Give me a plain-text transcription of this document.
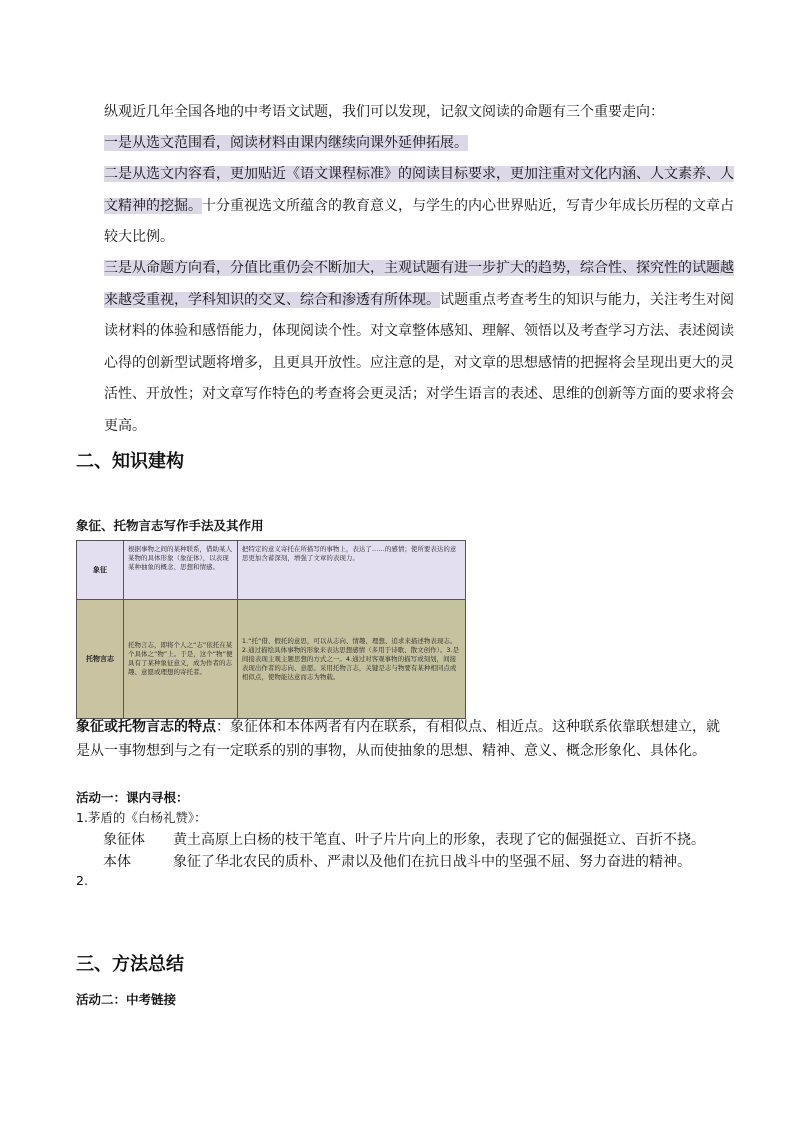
纵观近几年全国各地的中考语文试题，我们可以发现，记叙文阅读的命题有三个重要走向：

一是从选文范围看，阅读材料由课内继续向课外延伸拓展。

二是从选文内容看，更加贴近《语文课程标准》的阅读目标要求，更加注重对文化内涵、人文素养、人文精神的挖掘。十分重视选文所蕴含的教育意义，与学生的内心世界贴近，写青少年成长历程的文章占较大比例。

三是从命题方向看，分值比重仍会不断加大，主观试题有进一步扩大的趋势，综合性、探究性的试题越来越受重视，学科知识的交叉、综合和渗透有所体现。试题重点考查考生的知识与能力，关注考生对阅读材料的体验和感悟能力，体现阅读个性。对文章整体感知、理解、领悟以及考查学习方法、表述阅读心得的创新型试题将增多，且更具开放性。应注意的是，对文章的思想感情的把握将会呈现出更大的灵活性、开放性；对文章写作特色的考查将会更灵活；对学生语言的表述、思维的创新等方面的要求将会更高。

二、知识建构

象征、托物言志写作手法及其作用

象征	根据事物之间的某种联系，借助某人某物的具体形象（象征体），以表现某种抽象的概念、思想和情感。	把特定的意义寄托在所描写的事物上，表达了……的感情；使所要表达的意思更加含蓄深刻，增强了文章的表现力。
托物言志	托物言志，即将个人之“志”依托在某个具体之“物”上。于是，这个“物”便具有了某种象征意义，成为作者的志趣、意愿或理想的寄托者。	1.“托”借、假托的意思，可以从志向、情趣、理想、追求来描述物表现志。2.通过描绘具体事物的形象来表达思想感情（多用于诗歌、散文创作）。3.是间接表现主观主题思想的方式之一。4.通过对客观事物的描写或刻划，间接表现出作者的志向、意愿。采用托物言志，关键是志与物要有某种相同点或相似点，使物能达意而志为物载。

象征或托物言志的特点：象征体和本体两者有内在联系，有相似点、相近点。这种联系依靠联想建立，就是从一事物想到与之有一定联系的别的事物，从而使抽象的思想、精神、意义、概念形象化、具体化。

活动一：课内寻根：

1.茅盾的《白杨礼赞》：

象征体 黄土高原上白杨的枝干笔直、叶子片片向上的形象，表现了它的倔强挺立、百折不挠。

本体	象征了华北农民的质朴、严肃以及他们在抗日战斗中的坚强不屈、努力奋进的精神。

2.

三、方法总结

活动二：中考链接
